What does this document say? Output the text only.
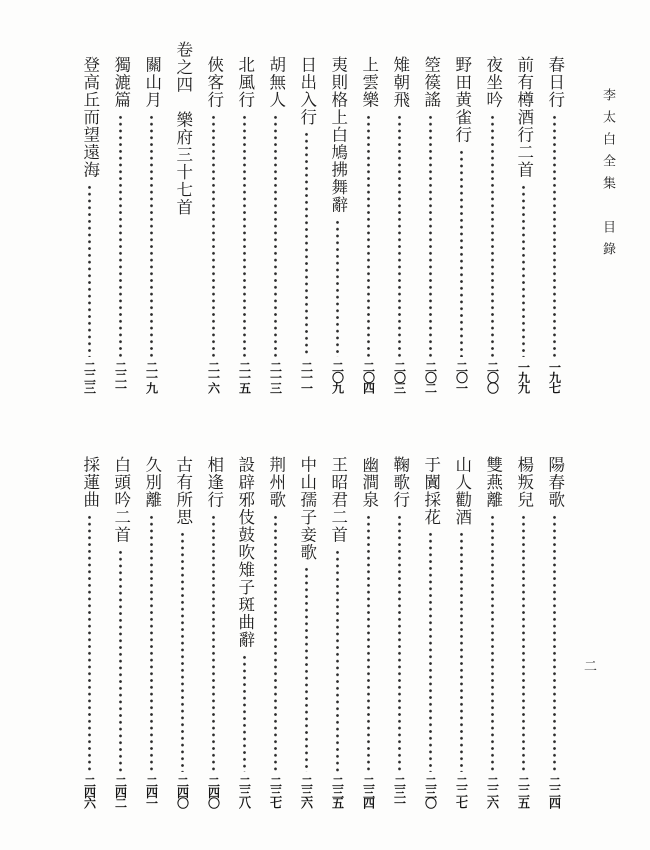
李太白全集　目錄
二
春日行
一九七
前有樽酒行二首
一九九
夜坐吟
二〇〇
野田黄雀行
二〇一
箜篌謠
二〇二
雉朝飛
二〇三
上雲樂
二〇四
夷則格上白鳩拂舞辭
二〇九
日出入行
二一一
胡無人
二一三
北風行
二一五
俠客行
二一六
卷之四　樂府三十七首
關山月
二一九
獨漉篇
二二一
登高丘而望遠海
二二三
陽春歌
二二四
楊叛兒
二二五
雙燕離
二二六
山人勸酒
二二七
于闐採花
二三〇
鞠歌行
二三一
幽澗泉
二三四
王昭君二首
二三五
中山孺子妾歌
二三六
荆州歌
二三七
設辟邪伎鼓吹雉子斑曲辭
二三八
相逢行
二四〇
古有所思
二四〇
久別離
二四一
白頭吟二首
二四二
採蓮曲
二四六
